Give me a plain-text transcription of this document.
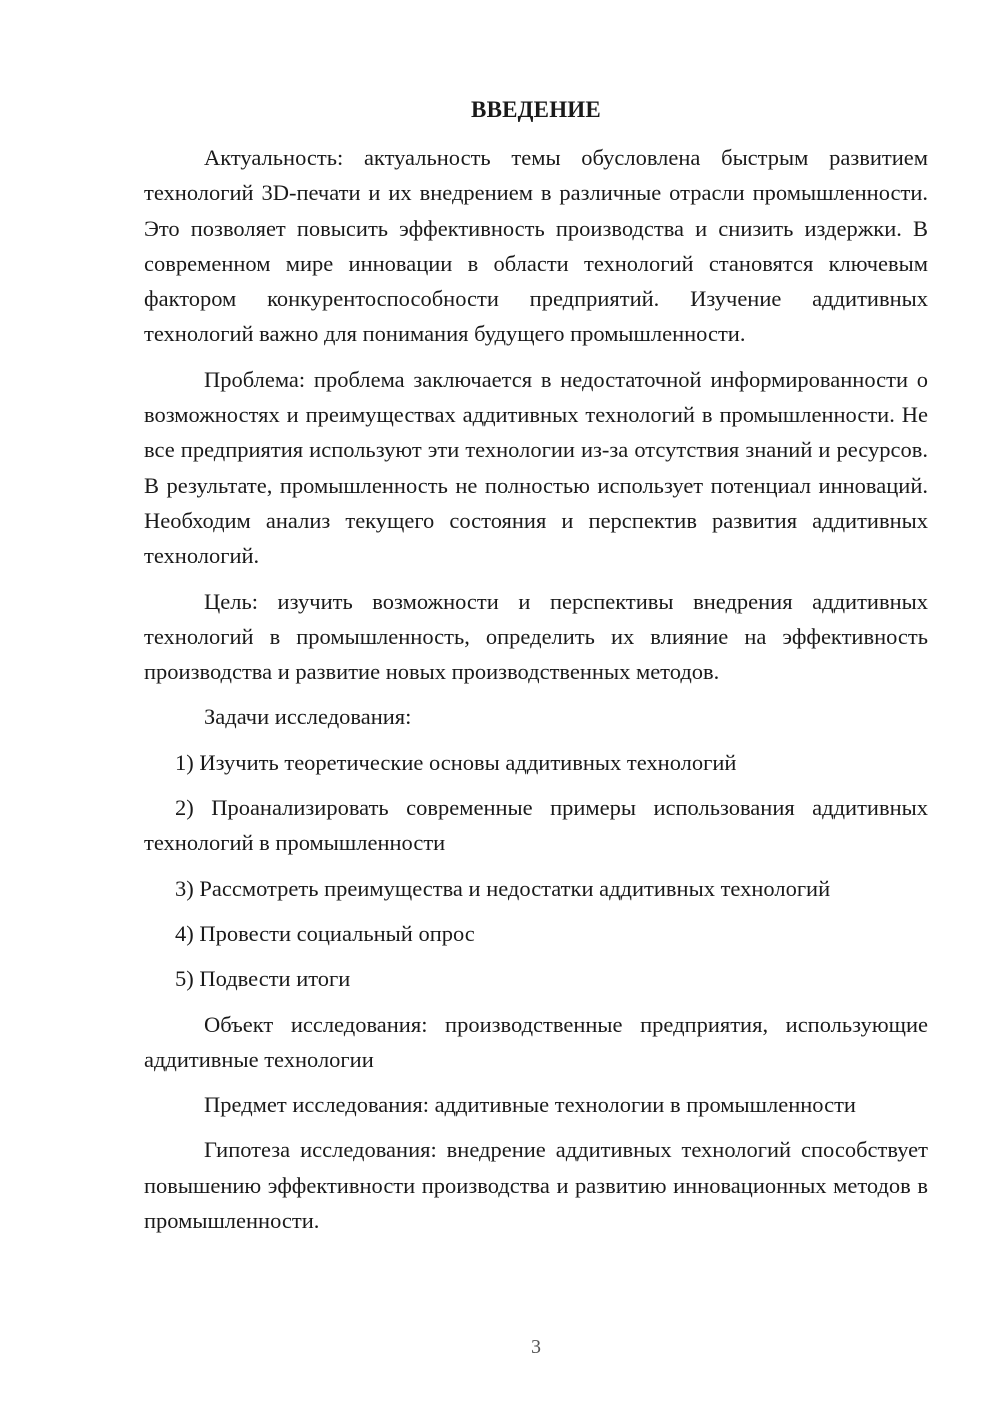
ВВЕДЕНИЕ

Актуальность: актуальность темы обусловлена быстрым развитием технологий 3D-печати и их внедрением в различные отрасли промышленности. Это позволяет повысить эффективность производства и снизить издержки. В современном мире инновации в области технологий становятся ключевым фактором конкурентоспособности предприятий. Изучение аддитивных технологий важно для понимания будущего промышленности.

Проблема: проблема заключается в недостаточной информированности о возможностях и преимуществах аддитивных технологий в промышленности. Не все предприятия используют эти технологии из-за отсутствия знаний и ресурсов. В результате, промышленность не полностью использует потенциал инноваций. Необходим анализ текущего состояния и перспектив развития аддитивных технологий.

Цель: изучить возможности и перспективы внедрения аддитивных технологий в промышленность, определить их влияние на эффективность производства и развитие новых производственных методов.

Задачи исследования:

1) Изучить теоретические основы аддитивных технологий

2) Проанализировать современные примеры использования аддитивных технологий в промышленности

3) Рассмотреть преимущества и недостатки аддитивных технологий

4) Провести социальный опрос

5) Подвести итоги

Объект исследования: производственные предприятия, использующие аддитивные технологии

Предмет исследования: аддитивные технологии в промышленности

Гипотеза исследования: внедрение аддитивных технологий способствует повышению эффективности производства и развитию инновационных методов в промышленности.

3
